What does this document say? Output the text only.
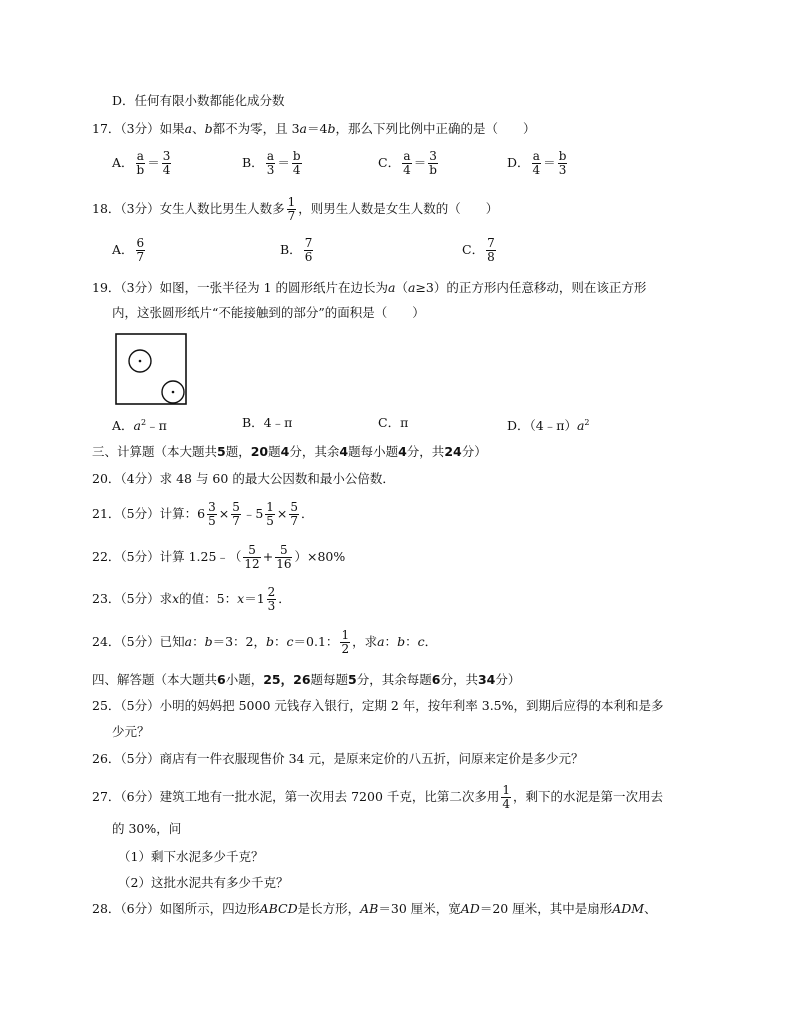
D．任何有限小数都能化成分数
17．（3分）如果a、b都不为零，且 3a＝4b，那么下列比例中正确的是（　　）
A． $\frac{a}{b} = \frac{3}{4}$	B． $\frac{a}{3} = \frac{b}{4}$	C． $\frac{a}{4} = \frac{3}{b}$	D． $\frac{a}{4} = \frac{b}{3}$
18．（3分）女生人数比男生人数多 $\frac{1}{7}$ ，则男生人数是女生人数的（　　）
A． $\frac{6}{7}$	B． $\frac{7}{6}$	C． $\frac{7}{8}$
19．（3分）如图，一张半径为 1 的圆形纸片在边长为a（a≥3）的正方形内任意移动，则在该正方形
内，这张圆形纸片“不能接触到的部分”的面积是（　　）
A．$a^2﹣\pi$	B．4﹣π	C．π	D．$(4﹣\pi)a^2$
三、计算题（本大题共5题，20题4分，其余4题每小题4分，共24分）
20．（4分）求 48 与 60 的最大公因数和最小公倍数．
21．（5分）计算：$6 \frac{3}{5} \times \frac{5}{7}$ ﹣5 $\frac{1}{5} \times \frac{5}{7}$ ．
22．（5分）计算 1.25﹣（ $\frac{5}{12} + \frac{5}{16} )\times 80\%$
23．（5分）求x的值：5：$x=1 \frac{2}{3}$ ．
24．（5分）已知a：b＝3：2，b：c＝0.1： $\frac{1}{2}$ ，求a：b：c．
四、解答题（本大题共6小题，25，26题每题5分，其余每题6分，共34分）
25．（5分）小明的妈妈把 5000 元钱存入银行，定期 2 年，按年利率 3.5%，到期后应得的本利和是多
少元？
26．（5分）商店有一件衣服现售价 34 元，是原来定价的八五折，问原来定价是多少元？
27．（6分）建筑工地有一批水泥，第一次用去 7200 千克，比第二次多用 $\frac{1}{4}$ ，剩下的水泥是第一次用去
的 30%，问
（1）剩下水泥多少千克？
（2）这批水泥共有多少千克？
28．（6分）如图所示，四边形ABCD是长方形，AB＝30 厘米，宽AD＝20 厘米，其中是扇形ADM、
